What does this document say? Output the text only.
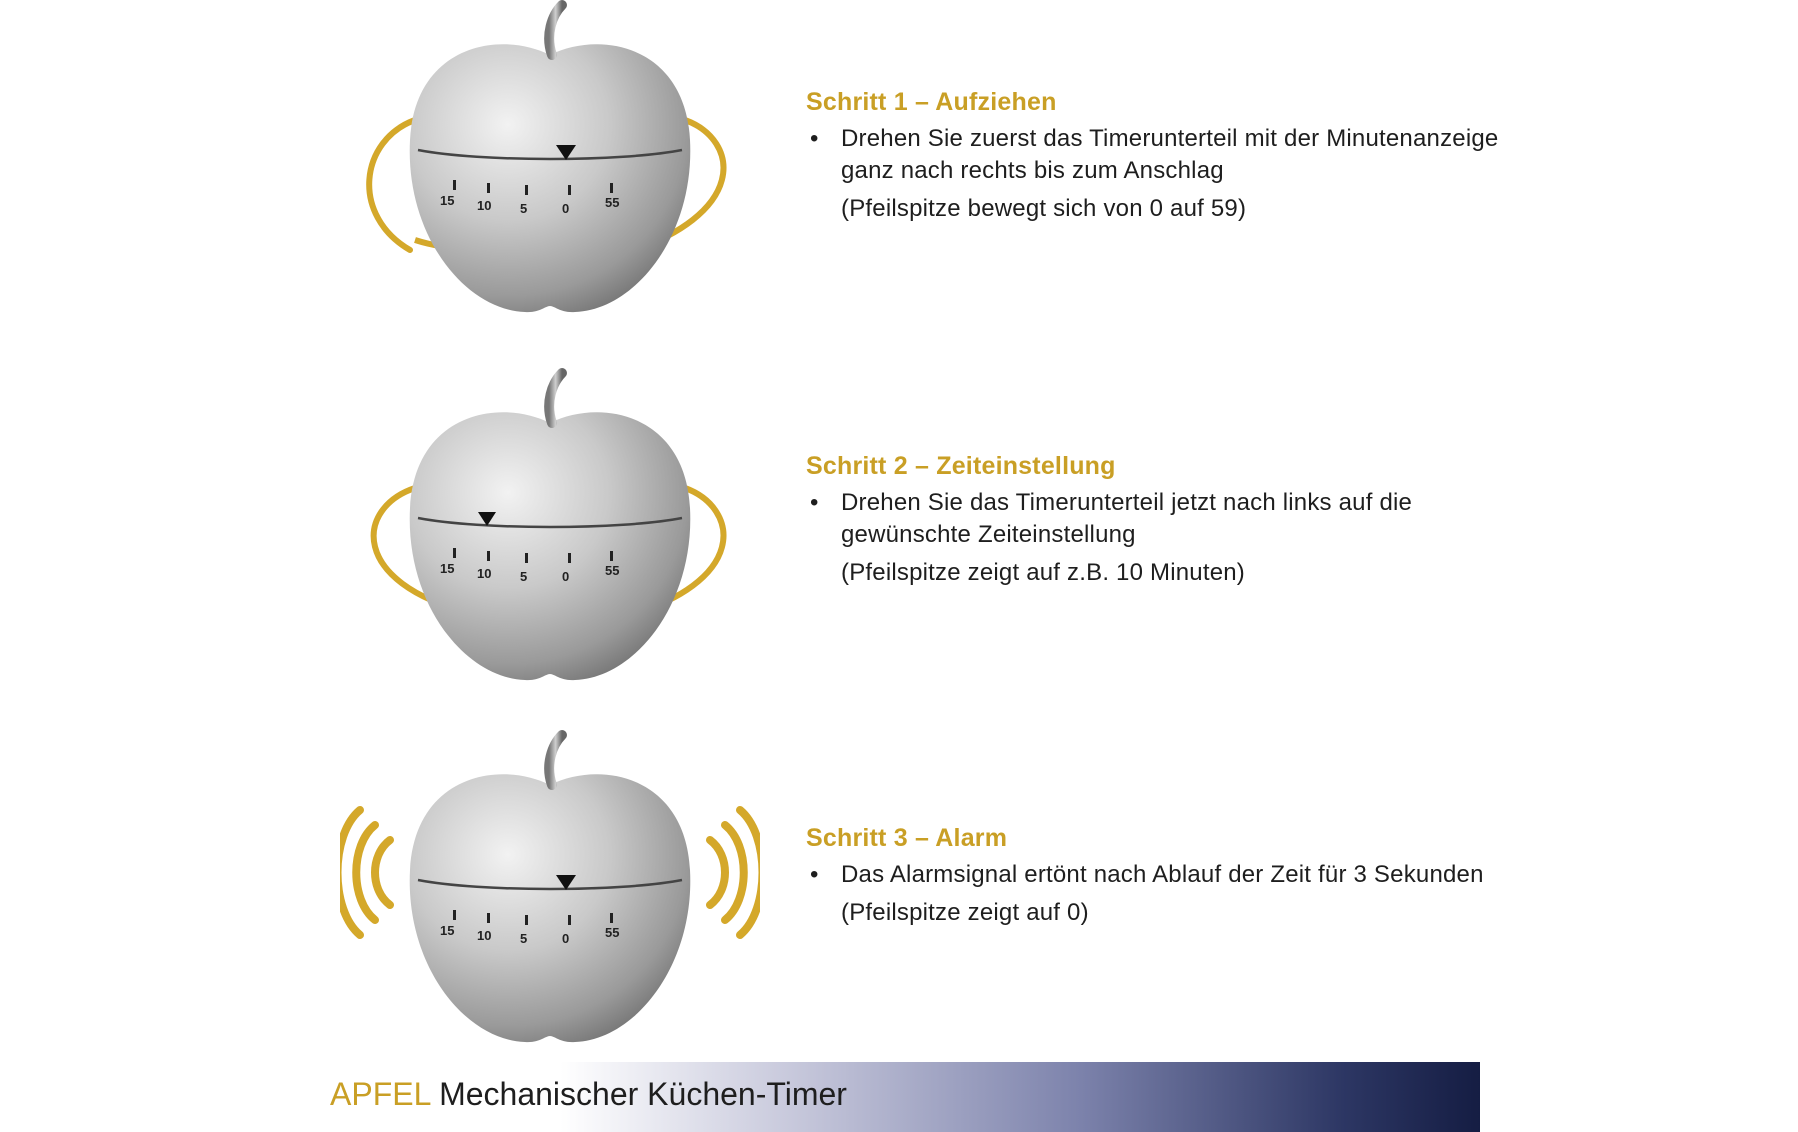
15 10 5	0	55
Schritt 1 – Aufziehen
• Drehen Sie zuerst das Timerunterteil mit der Minutenanzeige ganz nach rechts bis zum Anschlag
(Pfeilspitze bewegt sich von 0 auf 59)
15 10 5	0	55
Schritt 2 – Zeiteinstellung
• Drehen Sie das Timerunterteil jetzt nach links auf die gewünschte Zeiteinstellung
(Pfeilspitze zeigt auf z.B. 10 Minuten)
15 10 5	0	55
Schritt 3 – Alarm
• Das Alarmsignal ertönt nach Ablauf der Zeit für 3 Sekunden
(Pfeilspitze zeigt auf 0)
APFEL Mechanischer Küchen-Timer
